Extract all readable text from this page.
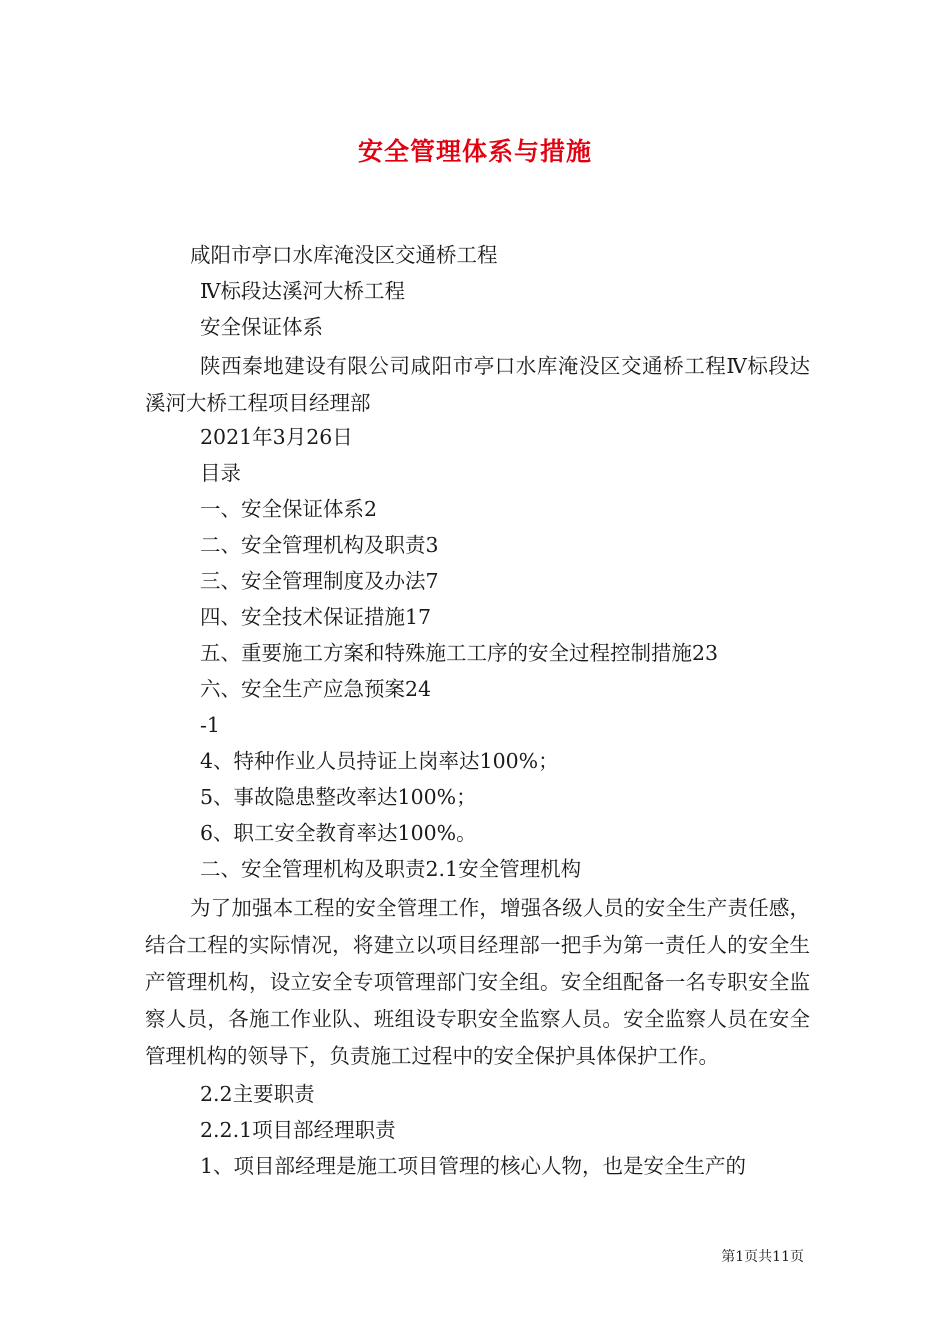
安全管理体系与措施
咸阳市亭口水库淹没区交通桥工程
Ⅳ标段达溪河大桥工程
安全保证体系

陕西秦地建设有限公司咸阳市亭口水库淹没区交通桥工程Ⅳ标段达溪河大桥工程项目经理部

2021年3月26日
目录
一、安全保证体系2
二、安全管理机构及职责3
三、安全管理制度及办法7
四、安全技术保证措施17
五、重要施工方案和特殊施工工序的安全过程控制措施23
六、安全生产应急预案24
-1
4、特种作业人员持证上岗率达100%；
5、事故隐患整改率达100%；
6、职工安全教育率达100%。
二、安全管理机构及职责2.1安全管理机构

为了加强本工程的安全管理工作，增强各级人员的安全生产责任感，结合工程的实际情况，将建立以项目经理部一把手为第一责任人的安全生产管理机构，设立安全专项管理部门安全组。安全组配备一名专职安全监察人员，各施工作业队、班组设专职安全监察人员。安全监察人员在安全管理机构的领导下，负责施工过程中的安全保护具体保护工作。

2.2主要职责
2.2.1项目部经理职责
1、项目部经理是施工项目管理的核心人物，也是安全生产的
第1页共11页
